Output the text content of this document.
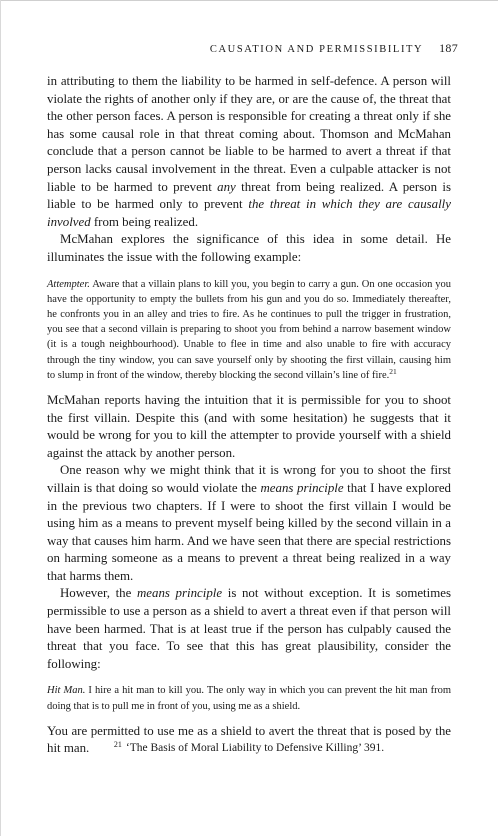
CAUSATION AND PERMISSIBILITY 187

in attributing to them the liability to be harmed in self-defence. A person will violate the rights of another only if they are, or are the cause of, the threat that the other person faces. A person is responsible for creating a threat only if she has some causal role in that threat coming about. Thomson and McMahan conclude that a person cannot be liable to be harmed to avert a threat if that person lacks causal involvement in the threat. Even a culpable attacker is not liable to be harmed to prevent any threat from being realized. A person is liable to be harmed only to prevent the threat in which they are causally involved from being realized.

McMahan explores the significance of this idea in some detail. He illuminates the issue with the following example:

Attempter. Aware that a villain plans to kill you, you begin to carry a gun. On one occasion you have the opportunity to empty the bullets from his gun and you do so. Immediately thereafter, he confronts you in an alley and tries to fire. As he continues to pull the trigger in frustration, you see that a second villain is preparing to shoot you from behind a narrow basement window (it is a tough neighbourhood). Unable to flee in time and also unable to fire with accuracy through the tiny window, you can save yourself only by shooting the first villain, causing him to slump in front of the window, thereby blocking the second villain’s line of fire.$^{21}$

McMahan reports having the intuition that it is permissible for you to shoot the first villain. Despite this (and with some hesitation) he suggests that it would be wrong for you to kill the attempter to provide yourself with a shield against the attack by another person.

One reason why we might think that it is wrong for you to shoot the first villain is that doing so would violate the means principle that I have explored in the previous two chapters. If I were to shoot the first villain I would be using him as a means to prevent myself being killed by the second villain in a way that causes him harm. And we have seen that there are special restrictions on harming someone as a means to prevent a threat being realized in a way that harms them.

However, the means principle is not without exception. It is sometimes permissible to use a person as a shield to avert a threat even if that person will have been harmed. That is at least true if the person has culpably caused the threat that you face. To see that this has great plausibility, consider the following:

Hit Man. I hire a hit man to kill you. The only way in which you can prevent the hit man from doing that is to pull me in front of you, using me as a shield.

You are permitted to use me as a shield to avert the threat that is posed by the hit man.	$^{21}$ ‘The Basis of Moral Liability to Defensive Killing’ 391.
